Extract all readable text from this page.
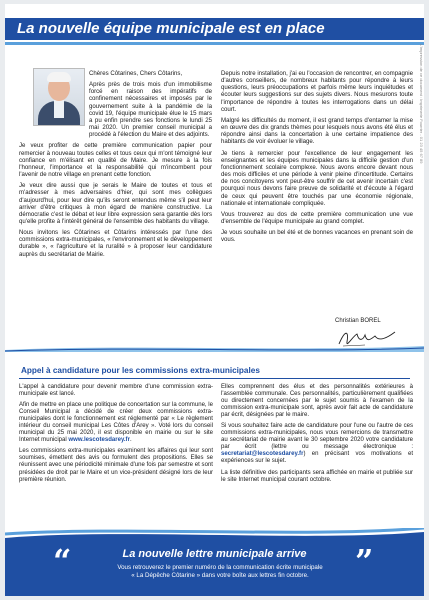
La nouvelle équipe municipale est en place
L'impression de ce document : Imprimerie Fourrier - 01 23 45 67 89

Chères Côtarines, Chers Côtarins,

Après près de trois mois d'un immobilisme forcé en raison des impératifs de confinement nécessaires et imposés par le gouvernement suite à la pandémie de la covid 19, l'équipe municipale élue le 15 mars a pu enfin prendre ses fonctions le lundi 25 mai 2020. Un premier conseil municipal a procédé à l'élection du Maire et des adjoints.

Je veux profiter de cette première communication papier pour remercier à nouveau toutes celles et tous ceux qui m'ont témoigné leur confiance en m'élisant en qualité de Maire. Je mesure à la fois l'honneur, l'importance et la responsabilité qui m'incombent pour l'avenir de notre village en prenant cette fonction.

Je veux dire aussi que je serais le Maire de toutes et tous et m'adresser à mes adversaires d'hier, qui sont mes collègues d'aujourd'hui, pour leur dire qu'ils seront entendus même s'il peut leur arriver d'être critiques à mon égard de manière constructive. La démocratie c'est le débat et leur libre expression sera garantie dès lors qu'elle profite à l'intérêt général de l'ensemble des habitants du village.

Nous invitons les Côtarines et Côtarins intéressés par l'une des commissions extra-municipales, « l'environnement et le développement durable », « l'agriculture et la ruralité » à proposer leur candidature auprès du secrétariat de Mairie.

Depuis notre installation, j'ai eu l'occasion de rencontrer, en compagnie d'autres conseillers, de nombreux habitants pour répondre à leurs questions, leurs préoccupations et parfois même leurs inquiétudes et écouter leurs suggestions sur des sujets divers. Nous mesurons toute l'importance de répondre à toutes les interrogations dans un délai court.

Malgré les difficultés du moment, il est grand temps d'entamer la mise en œuvre des dix grands thèmes pour lesquels nous avons été élus et répondre ainsi dans la concertation à une certaine impatience des habitants de voir évoluer le village.

Je tiens à remercier pour l'excellence de leur engagement les enseignantes et les équipes municipales dans la difficile gestion d'un fonctionnement scolaire complexe. Nous avons encore devant nous des mois difficiles et une période à venir pleine d'incertitude. Certains de nos concitoyens vont peut-être souffrir de cet avenir incertain c'est pourquoi nous devons faire preuve de solidarité et d'écoute à l'égard de ceux qui peuvent être touchés par une économie régionale, nationale et internationale compliquée.

Vous trouverez au dos de cette première communication une vue d'ensemble de l'équipe municipale au grand complet.

Je vous souhaite un bel été et de bonnes vacances en prenant soin de vous.

Christian BOREL
Appel à candidature pour les commissions extra-municipales

L'appel à candidature pour devenir membre d'une commission extra-municipale est lancé.

Afin de mettre en place une politique de concertation sur la commune, le Conseil Municipal a décidé de créer deux commissions extra-municipales dont le fonctionnement est réglementé par « Le règlement intérieur du conseil municipal Les Côtes d'Arey ». Voté lors du conseil municipal du 25 mai 2020, il est disponible en mairie ou sur le site Internet municipal www.lescotesdarey.fr.

Les commissions extra-municipales examinent les affaires qui leur sont soumises, émettent des avis ou formulent des propositions. Elles se réunissent avec une périodicité minimale d'une fois par semestre et sont présidées de droit par le Maire et un vice-président désigné lors de leur première réunion.

Elles comprennent des élus et des personnalités extérieures à l'assemblée communale. Ces personnalités, particulièrement qualifiées ou directement concernées par le sujet soumis à l'examen de la commission extra-municipale sont, après avoir fait acte de candidature par écrit, désignées par le maire.

Si vous souhaitez faire acte de candidature pour l'une ou l'autre de ces commissions extra-municipales, nous vous remercions de transmettre au secrétariat de mairie avant le 30 septembre 2020 votre candidature par écrit (lettre ou message électronique : secretariat@lescotesdarey.fr) en précisant vos motivations et expériences sur le sujet.

La liste définitive des participants sera affichée en mairie et publiée sur le site Internet municipal courant octobre.

“	”
La nouvelle lettre municipale arrive
Vous retrouverez le premier numéro de la communication écrite municipale
« La Dépêche Côtarine » dans votre boîte aux lettres fin octobre.
